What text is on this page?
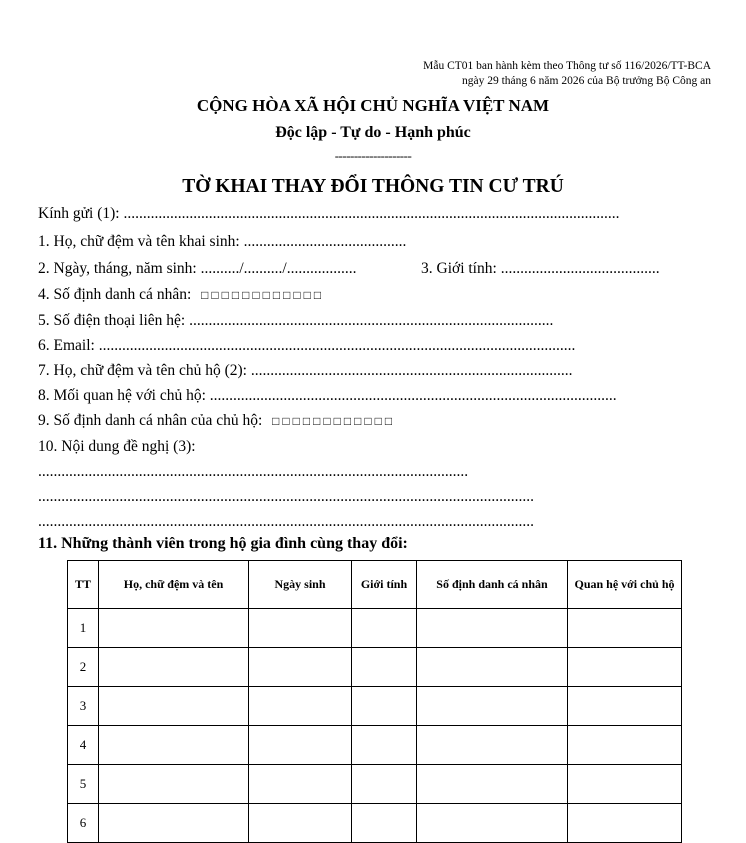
Mẫu CT01 ban hành kèm theo Thông tư số 116/2026/TT-BCA
ngày 29 tháng 6 năm 2026 của Bộ trưởng Bộ Công an
CỘNG HÒA XÃ HỘI CHỦ NGHĨA VIỆT NAM
Độc lập - Tự do - Hạnh phúc
--------------------
TỜ KHAI THAY ĐỔI THÔNG TIN CƯ TRÚ
Kính gửi (1): ................................................................................................................................
1. Họ, chữ đệm và tên khai sinh: ..........................................
2. Ngày, tháng, năm sinh: ........../........../..................	3. Giới tính: .........................................
4. Số định danh cá nhân: □□□□□□□□□□□□
5. Số điện thoại liên hệ: ..............................................................................................
6. Email: ...........................................................................................................................
7. Họ, chữ đệm và tên chủ hộ (2): ...................................................................................
8. Mối quan hệ với chủ hộ: .........................................................................................................
9. Số định danh cá nhân của chủ hộ: □□□□□□□□□□□□
10. Nội dung đề nghị (3):
...............................................................................................................
................................................................................................................................
................................................................................................................................
11. Những thành viên trong hộ gia đình cùng thay đổi:
TT	Họ, chữ đệm và tên	Ngày sinh	Giới tính	Số định danh cá nhân	Quan hệ với chủ hộ
1					
2					
3					
4					
5					
6					
